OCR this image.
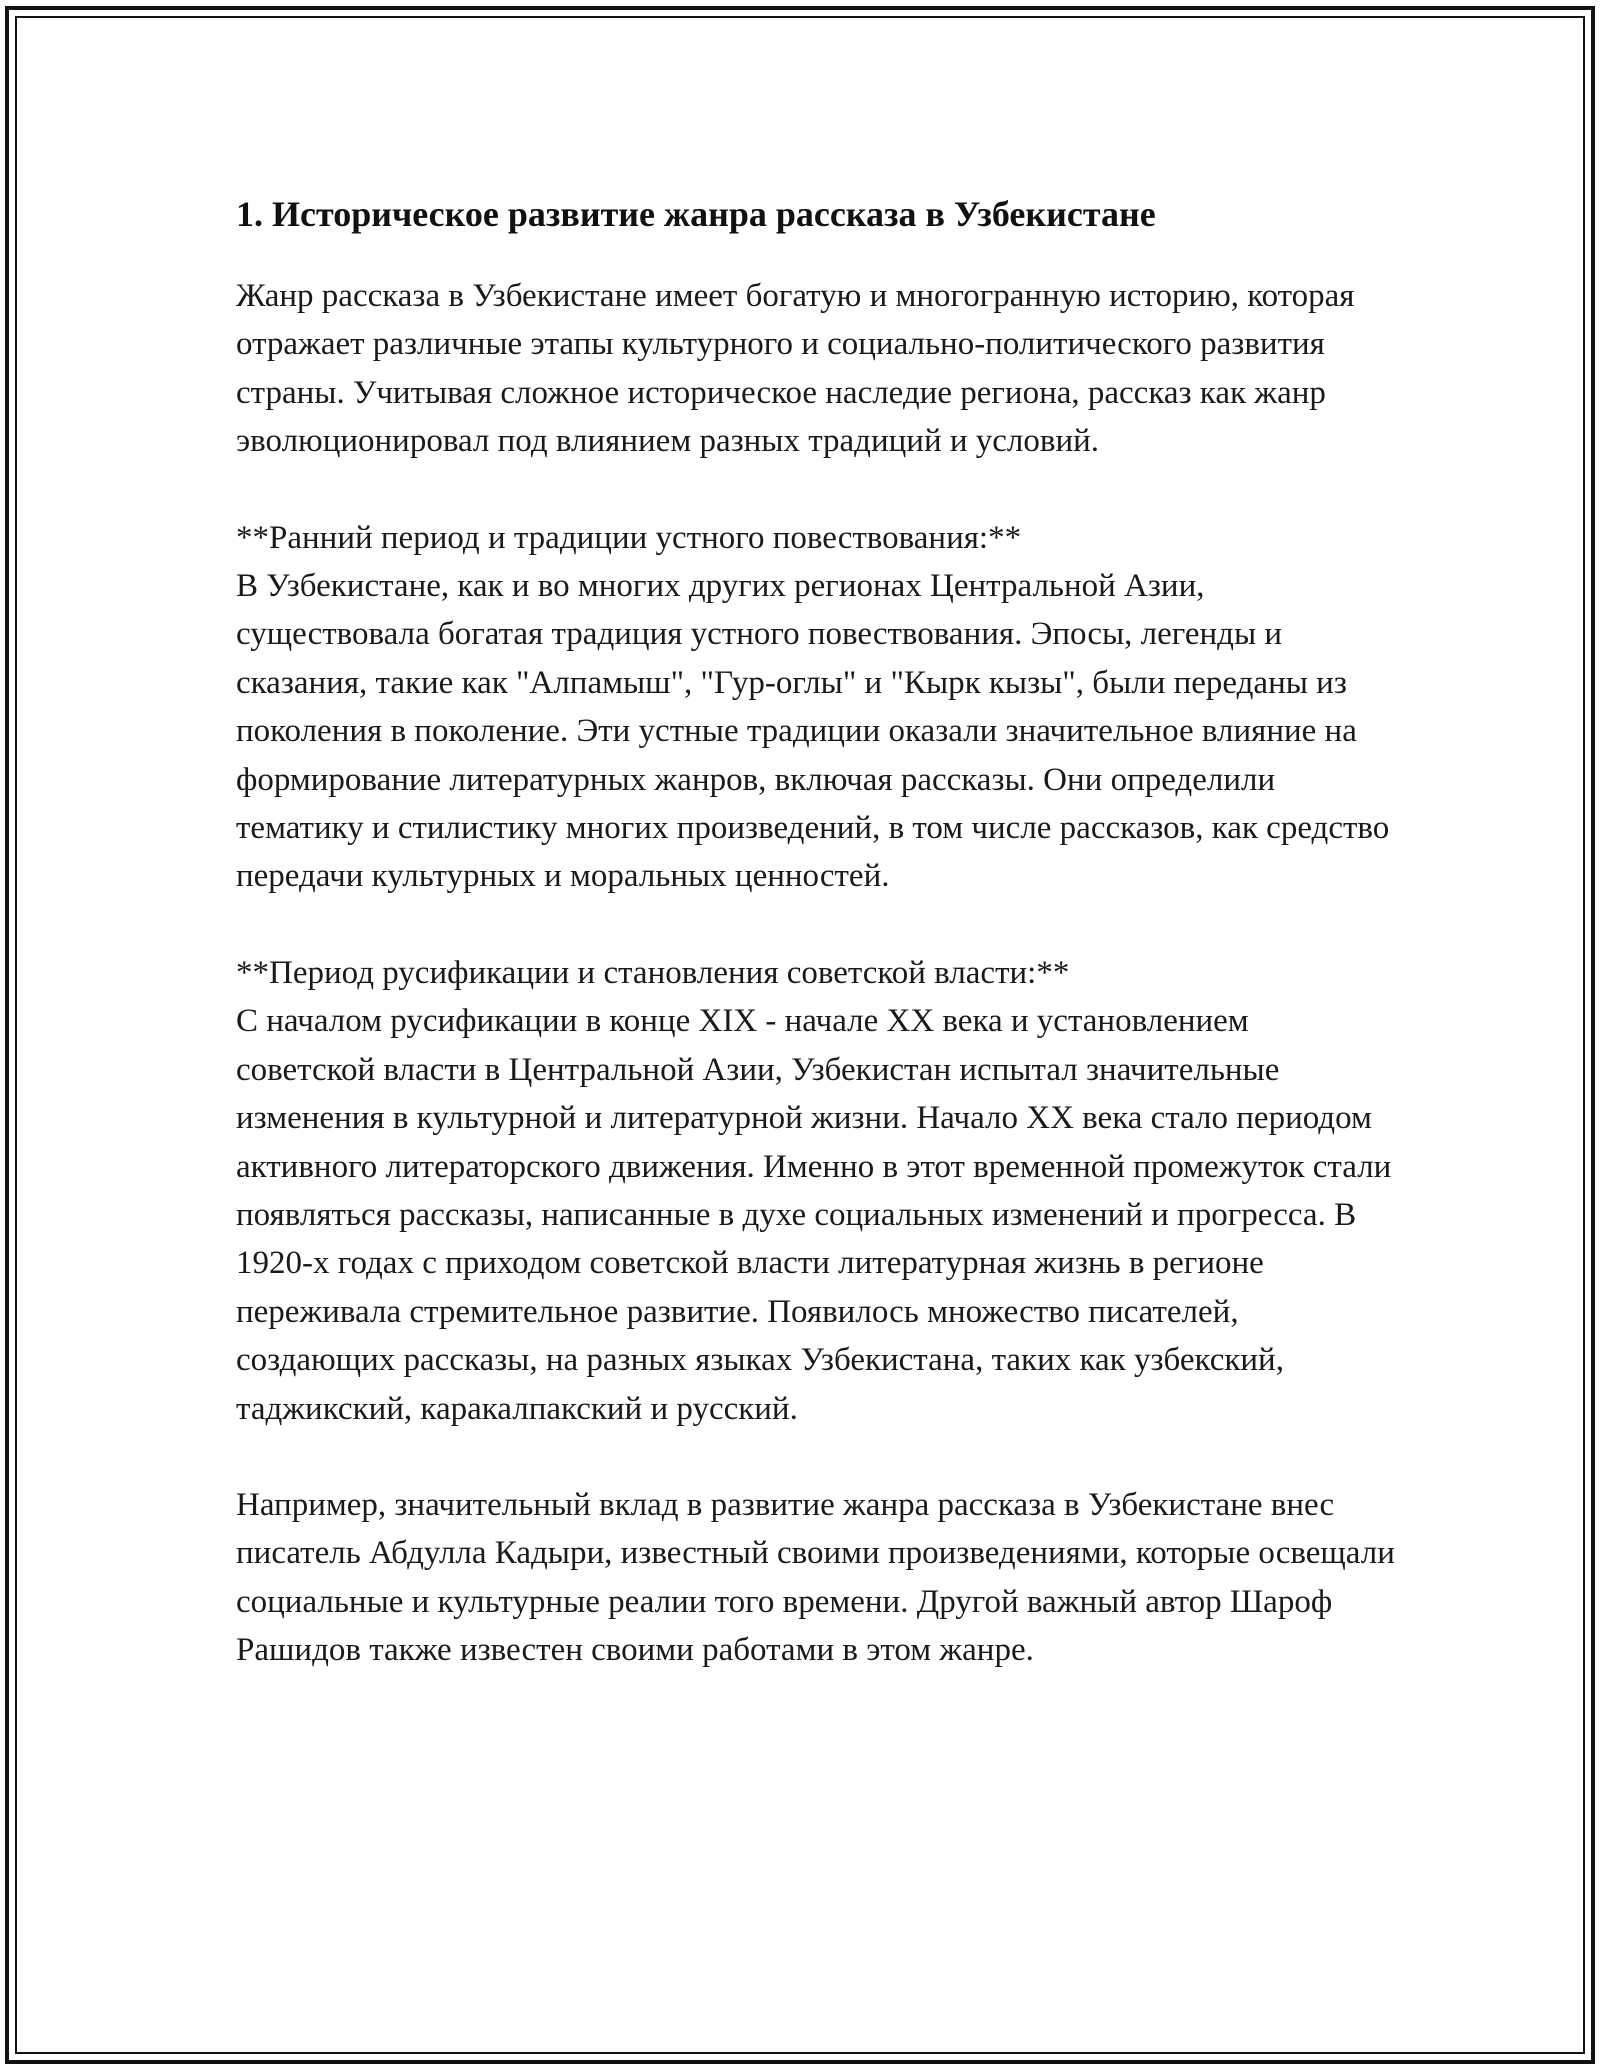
1. Историческое развитие жанра рассказа в Узбекистане

Жанр рассказа в Узбекистане имеет богатую и многогранную историю, которая отражает различные этапы культурного и социально-политического развития страны. Учитывая сложное историческое наследие региона, рассказ как жанр эволюционировал под влиянием разных традиций и условий.

**Ранний период и традиции устного повествования:**
В Узбекистане, как и во многих других регионах Центральной Азии, существовала богатая традиция устного повествования. Эпосы, легенды и сказания, такие как "Алпамыш", "Гур-оглы" и "Кырк кызы", были переданы из поколения в поколение. Эти устные традиции оказали значительное влияние на формирование литературных жанров, включая рассказы. Они определили тематику и стилистику многих произведений, в том числе рассказов, как средство передачи культурных и моральных ценностей.

**Период русификации и становления советской власти:**
С началом русификации в конце XIX - начале XX века и установлением советской власти в Центральной Азии, Узбекистан испытал значительные изменения в культурной и литературной жизни. Начало XX века стало периодом активного литераторского движения. Именно в этот временной промежуток стали появляться рассказы, написанные в духе социальных изменений и прогресса. В 1920-х годах с приходом советской власти литературная жизнь в регионе переживала стремительное развитие. Появилось множество писателей, создающих рассказы, на разных языках Узбекистана, таких как узбекский, таджикский, каракалпакский и русский.

Например, значительный вклад в развитие жанра рассказа в Узбекистане внес писатель Абдулла Кадыри, известный своими произведениями, которые освещали социальные и культурные реалии того времени. Другой важный автор Шароф Рашидов также известен своими работами в этом жанре.
